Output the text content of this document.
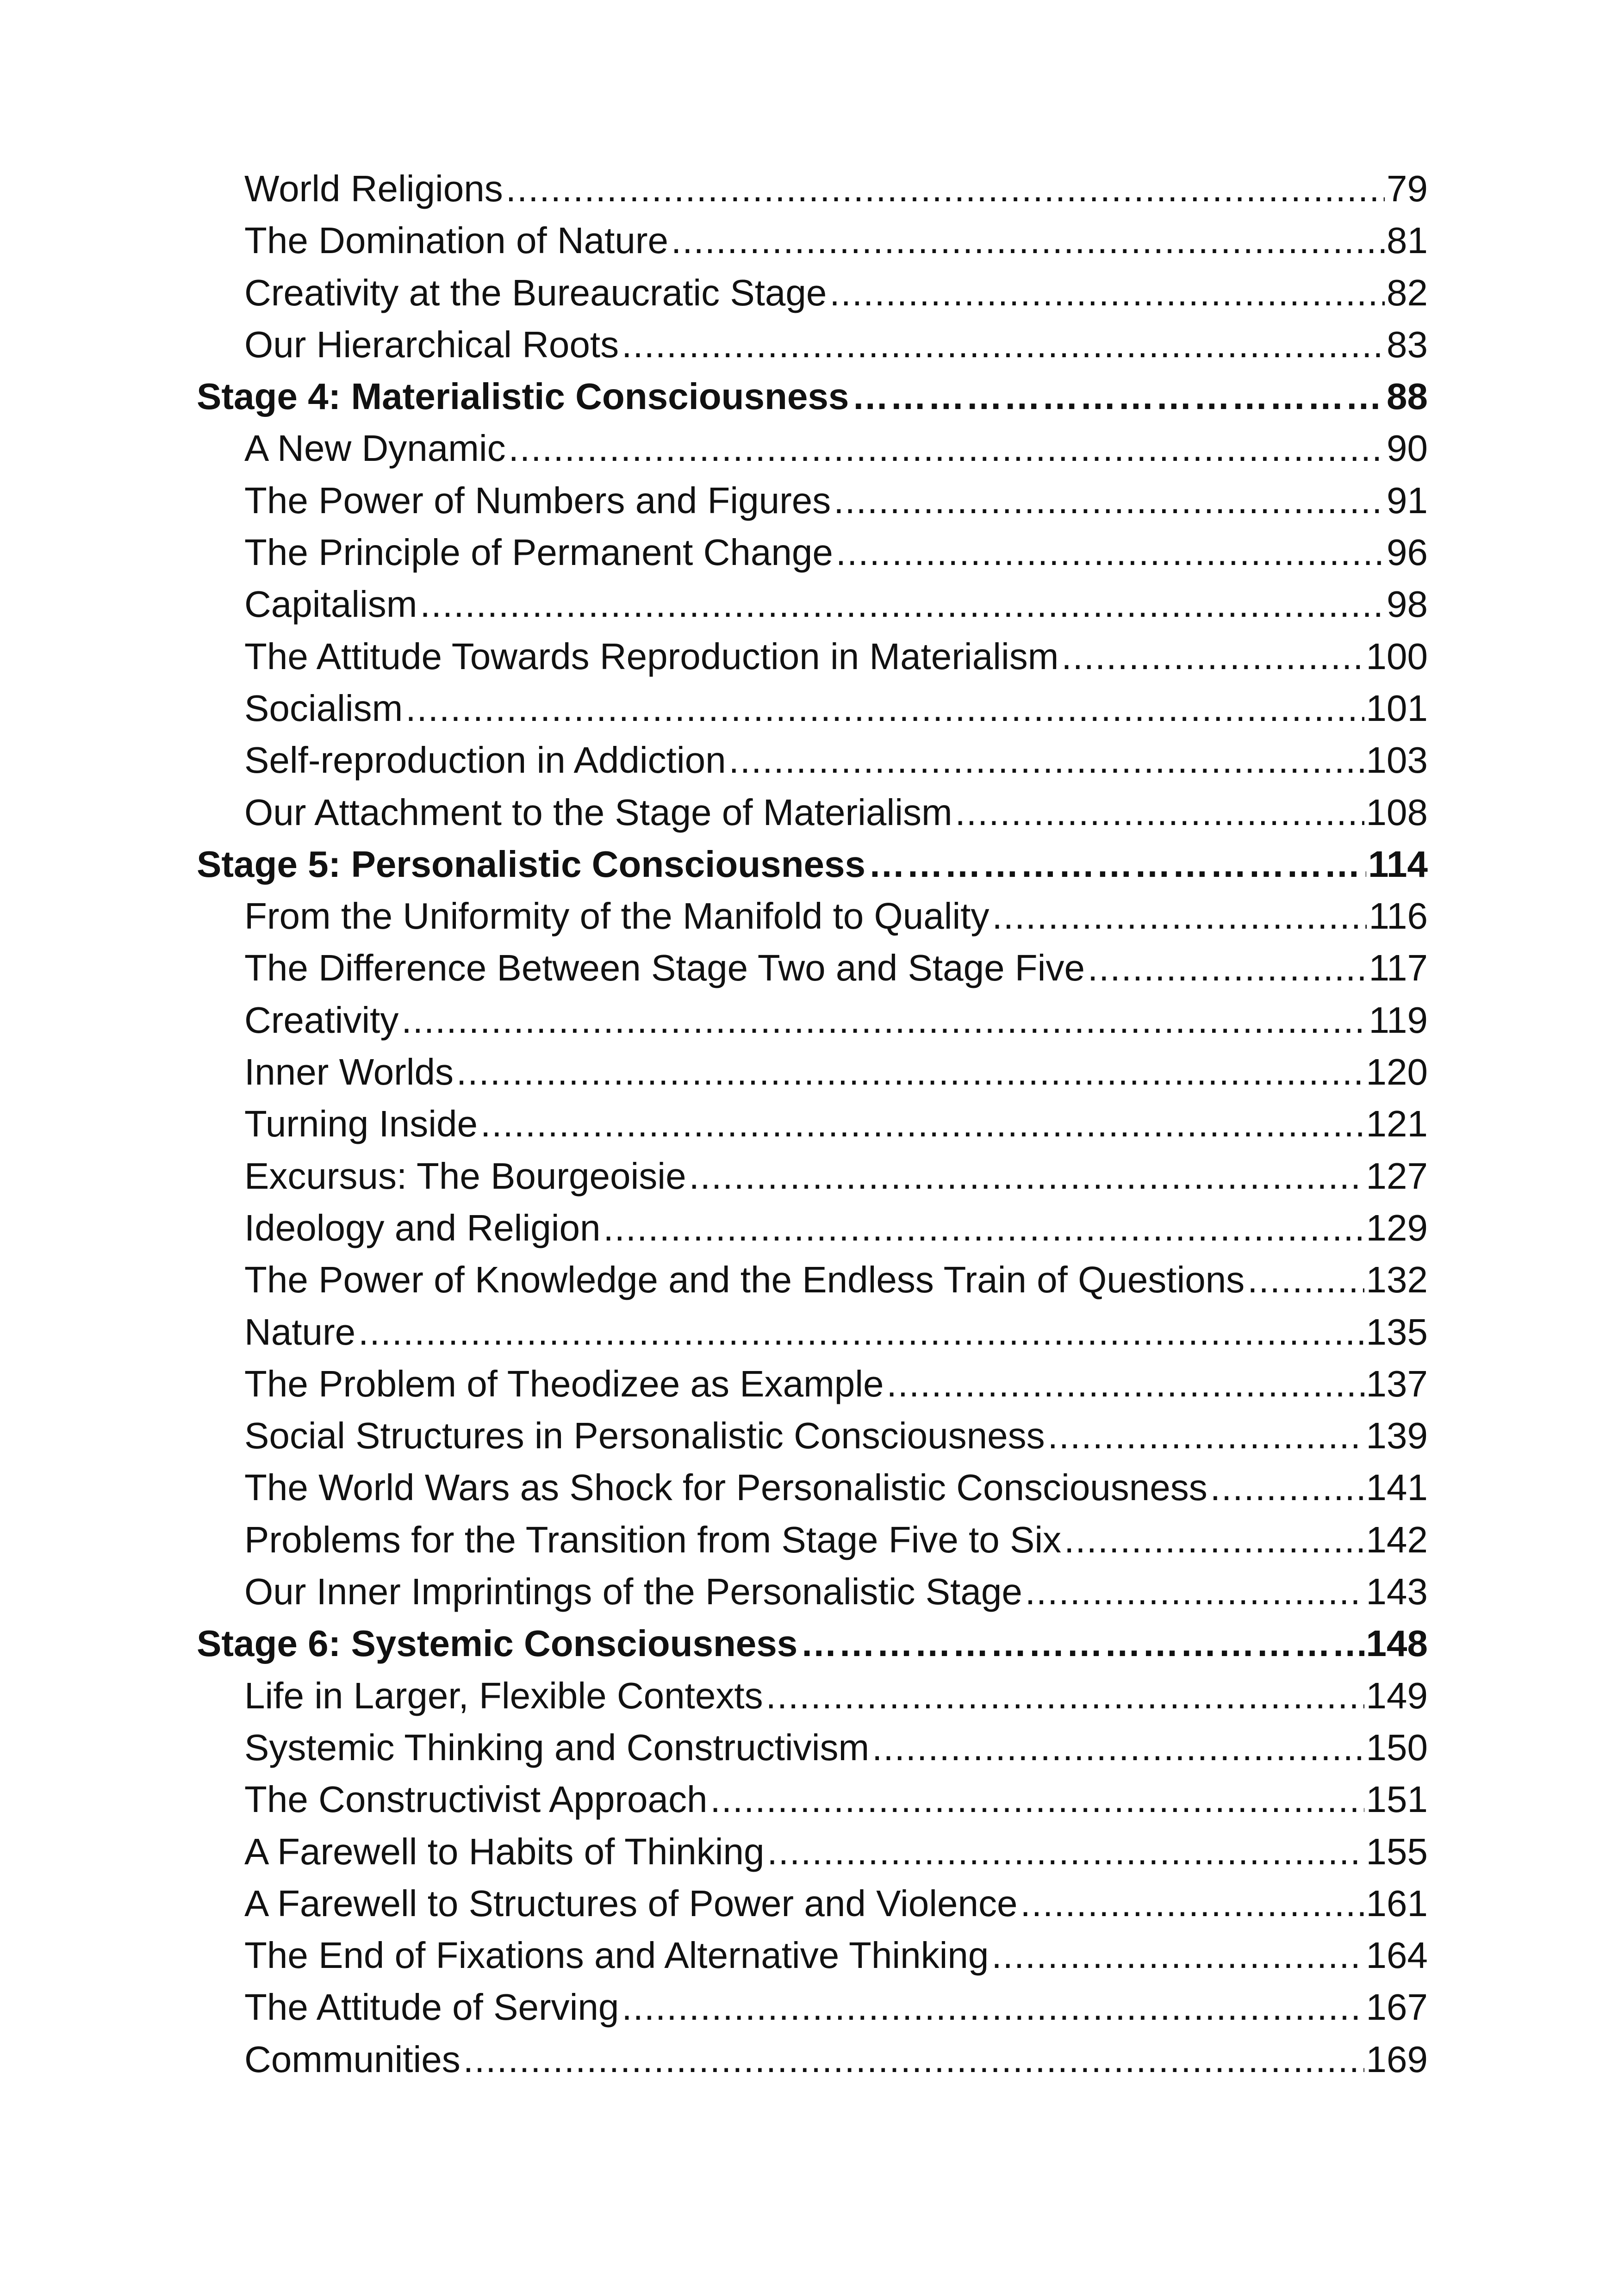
World Religions .....	79
The Domination of Nature .....	81
Creativity at the Bureaucratic Stage .....	82
Our Hierarchical Roots .....	83
Stage 4: Materialistic Consciousness ……………………………………………………………………………………………………………………………………………………………………………………	88
A New Dynamic .....	90
The Power of Numbers and Figures .....	91
The Principle of Permanent Change .....	96
Capitalism .....	98
The Attitude Towards Reproduction in Materialism .....	100
Socialism .....	101
Self-reproduction in Addiction .....	103
Our Attachment to the Stage of Materialism .....	108
Stage 5: Personalistic Consciousness ……………………………………………………………………………………………………………………………………………………………………………………	114
From the Uniformity of the Manifold to Quality .....	116
The Difference Between Stage Two and Stage Five .....	117
Creativity .....	119
Inner Worlds .....	120
Turning Inside .....	121
Excursus: The Bourgeoisie .....	127
Ideology and Religion .....	129
The Power of Knowledge and the Endless Train of Questions .....	132
Nature .....	135
The Problem of Theodizee as Example .....	137
Social Structures in Personalistic Consciousness .....	139
The World Wars as Shock for Personalistic Consciousness .....	141
Problems for the Transition from Stage Five to Six .....	142
Our Inner Imprintings of the Personalistic Stage .....	143
Stage 6: Systemic Consciousness ……………………………………………………………………………………………………………………………………………………………………………………	148
Life in Larger, Flexible Contexts .....	149
Systemic Thinking and Constructivism .....	150
The Constructivist Approach .....	151
A Farewell to Habits of Thinking .....	155
A Farewell to Structures of Power and Violence .....	161
The End of Fixations and Alternative Thinking .....	164
The Attitude of Serving .....	167
Communities .....	169
